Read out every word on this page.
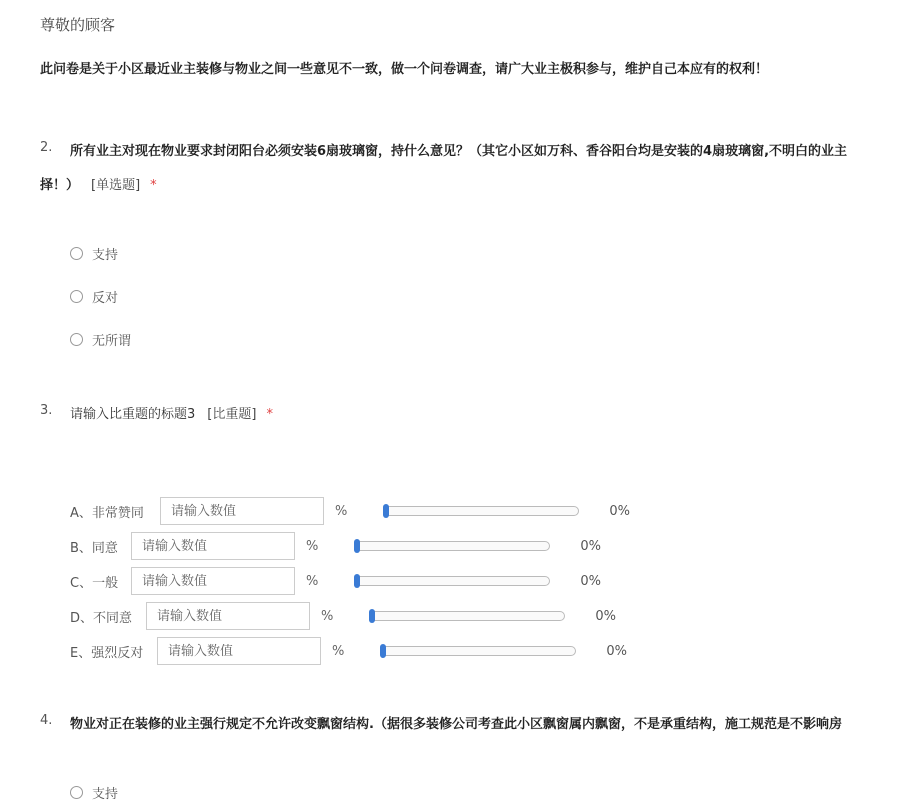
尊敬的顾客
此问卷是关于小区最近业主装修与物业之间一些意见不一致，做一个问卷调查，请广大业主极积参与，维护自己本应有的权利！
2. 所有业主对现在物业要求封闭阳台必须安装6扇玻璃窗，持什么意见？（其它小区如万科、香谷阳台均是安装的4扇玻璃窗,不明白的业主
择！） [单选题] *
支持
反对
无所谓
3. 请输入比重题的标题3 [比重题] *
A、非常赞同
请输入数值	%	0%
B、同意
请输入数值	%	0%
C、一般
请输入数值	%	0%
D、不同意
请输入数值	%	0%
E、强烈反对
请输入数值	%	0%
4. 物业对正在装修的业主强行规定不允许改变飘窗结构.（据很多装修公司考查此小区飘窗属内飘窗，不是承重结构，施工规范是不影响房
支持
